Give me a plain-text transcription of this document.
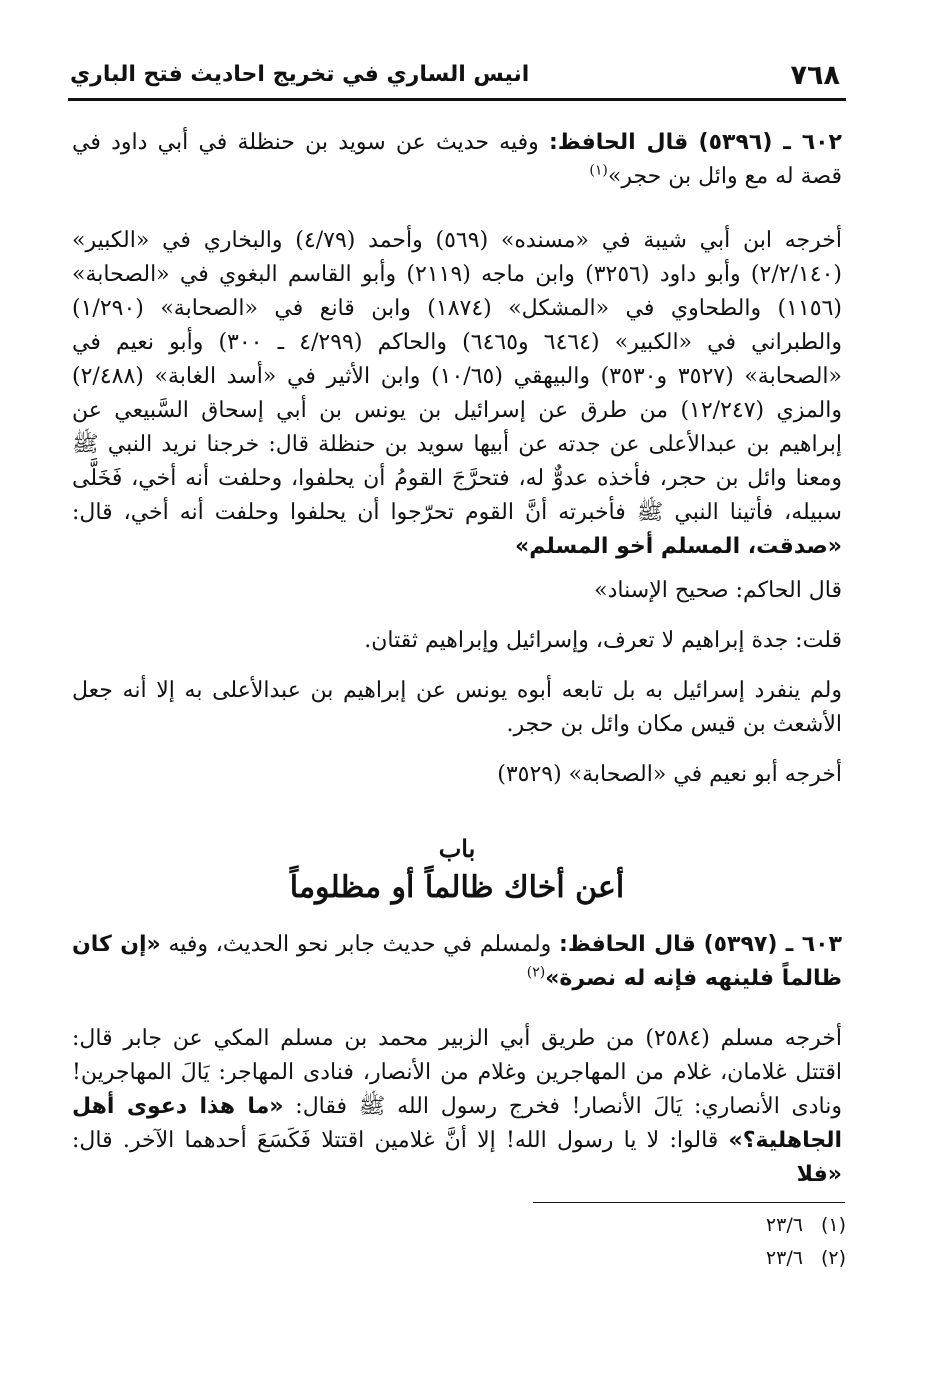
٧٦٨
انيس الساري في تخريج احاديث فتح الباري
٦٠٢ ـ (٥٣٩٦) قال الحافظ: وفيه حديث عن سويد بن حنظلة في أبي داود في قصة له مع وائل بن حجر»$^{(١)}$
أخرجه ابن أبي شيبة في «مسنده» (٥٦٩) وأحمد (٤/٧٩) والبخاري في «الكبير» (٢/٢/١٤٠) وأبو داود (٣٢٥٦) وابن ماجه (٢١١٩) وأبو القاسم البغوي في «الصحابة» (١١٥٦) والطحاوي في «المشكل» (١٨٧٤) وابن قانع في «الصحابة» (١/٢٩٠) والطبراني في «الكبير» (٦٤٦٤ و٦٤٦٥) والحاكم (٤/٢٩٩ ـ ٣٠٠) وأبو نعيم في «الصحابة» (٣٥٢٧ و٣٥٣٠) والبيهقي (١٠/٦٥) وابن الأثير في «أسد الغابة» (٢/٤٨٨) والمزي (١٢/٢٤٧) من طرق عن إسرائيل بن يونس بن أبي إسحاق السَّبيعي عن إبراهيم بن عبدالأعلى عن جدته عن أبيها سويد بن حنظلة قال: خرجنا نريد النبي ﷺ ومعنا وائل بن حجر، فأخذه عدوٌّ له، فتحرَّجَ القومُ أن يحلفوا، وحلفت أنه أخي، فَخَلَّى سبيله، فأتينا النبي ﷺ فأخبرته أنَّ القوم تحرّجوا أن يحلفوا وحلفت أنه أخي، قال: «صدقت، المسلم أخو المسلم»
قال الحاكم: صحيح الإسناد»
قلت: جدة إبراهيم لا تعرف، وإسرائيل وإبراهيم ثقتان.
ولم ينفرد إسرائيل به بل تابعه أبوه يونس عن إبراهيم بن عبدالأعلى به إلا أنه جعل الأشعث بن قيس مكان وائل بن حجر.
أخرجه أبو نعيم في «الصحابة» (٣٥٢٩)
باب
أعن أخاك ظالماً أو مظلوماً
٦٠٣ ـ (٥٣٩٧) قال الحافظ: ولمسلم في حديث جابر نحو الحديث، وفيه «إن كان ظالماً فلينهه فإنه له نصرة»$^{(٢)}$
أخرجه مسلم (٢٥٨٤) من طريق أبي الزبير محمد بن مسلم المكي عن جابر قال: اقتتل غلامان، غلام من المهاجرين وغلام من الأنصار، فنادى المهاجر: يَالَ المهاجرين! ونادى الأنصاري: يَالَ الأنصار! فخرج رسول الله ﷺ فقال: «ما هذا دعوى أهل الجاهلية؟» قالوا: لا يا رسول الله! إلا أنَّ غلامين اقتتلا فَكَسَعَ أحدهما الآخر. قال: «فلا
(١)٢٣/٦
(٢)٢٣/٦
